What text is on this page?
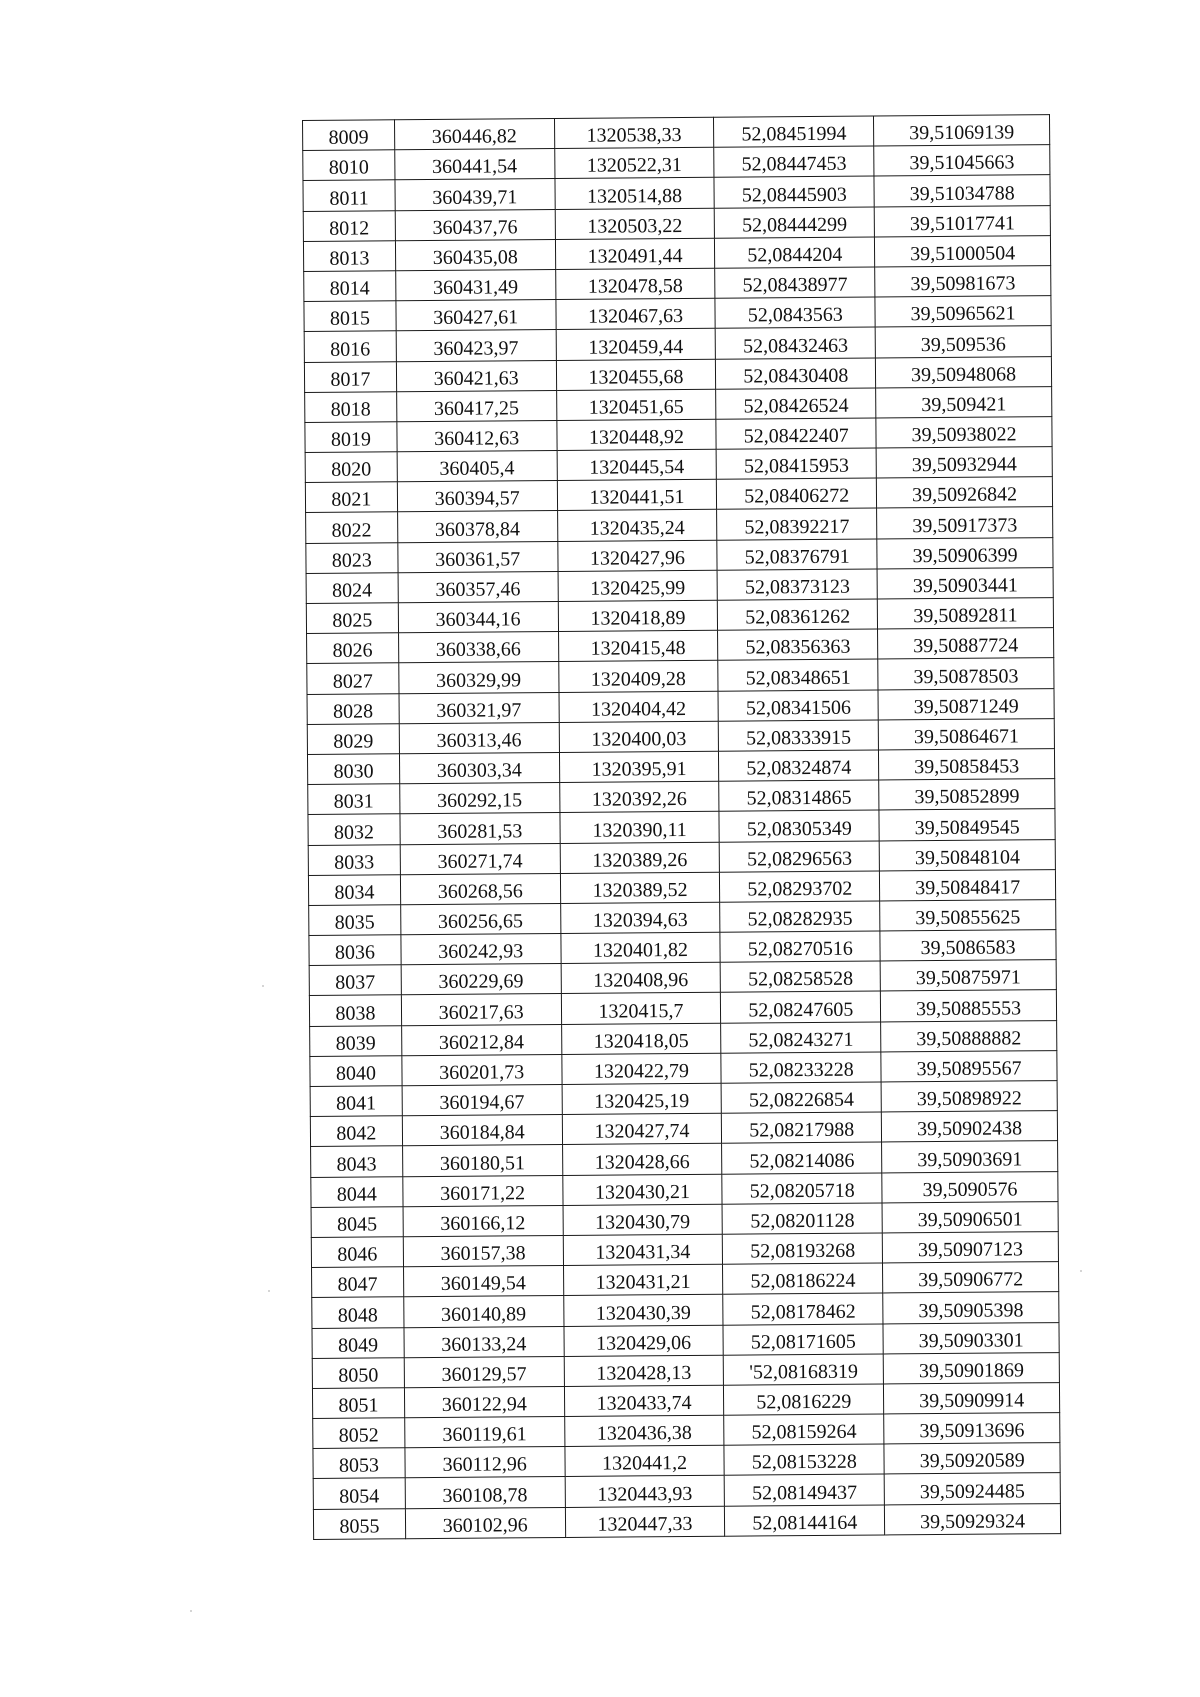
8009	360446,82	1320538,33	52,08451994	39,51069139
8010	360441,54	1320522,31	52,08447453	39,51045663
8011	360439,71	1320514,88	52,08445903	39,51034788
8012	360437,76	1320503,22	52,08444299	39,51017741
8013	360435,08	1320491,44	52,0844204	39,51000504
8014	360431,49	1320478,58	52,08438977	39,50981673
8015	360427,61	1320467,63	52,0843563	39,50965621
8016	360423,97	1320459,44	52,08432463	39,509536
8017	360421,63	1320455,68	52,08430408	39,50948068
8018	360417,25	1320451,65	52,08426524	39,509421
8019	360412,63	1320448,92	52,08422407	39,50938022
8020	360405,4	1320445,54	52,08415953	39,50932944
8021	360394,57	1320441,51	52,08406272	39,50926842
8022	360378,84	1320435,24	52,08392217	39,50917373
8023	360361,57	1320427,96	52,08376791	39,50906399
8024	360357,46	1320425,99	52,08373123	39,50903441
8025	360344,16	1320418,89	52,08361262	39,50892811
8026	360338,66	1320415,48	52,08356363	39,50887724
8027	360329,99	1320409,28	52,08348651	39,50878503
8028	360321,97	1320404,42	52,08341506	39,50871249
8029	360313,46	1320400,03	52,08333915	39,50864671
8030	360303,34	1320395,91	52,08324874	39,50858453
8031	360292,15	1320392,26	52,08314865	39,50852899
8032	360281,53	1320390,11	52,08305349	39,50849545
8033	360271,74	1320389,26	52,08296563	39,50848104
8034	360268,56	1320389,52	52,08293702	39,50848417
8035	360256,65	1320394,63	52,08282935	39,50855625
8036	360242,93	1320401,82	52,08270516	39,5086583
8037	360229,69	1320408,96	52,08258528	39,50875971
8038	360217,63	1320415,7	52,08247605	39,50885553
8039	360212,84	1320418,05	52,08243271	39,50888882
8040	360201,73	1320422,79	52,08233228	39,50895567
8041	360194,67	1320425,19	52,08226854	39,50898922
8042	360184,84	1320427,74	52,08217988	39,50902438
8043	360180,51	1320428,66	52,08214086	39,50903691
8044	360171,22	1320430,21	52,08205718	39,5090576
8045	360166,12	1320430,79	52,08201128	39,50906501
8046	360157,38	1320431,34	52,08193268	39,50907123
8047	360149,54	1320431,21	52,08186224	39,50906772
8048	360140,89	1320430,39	52,08178462	39,50905398
8049	360133,24	1320429,06	52,08171605	39,50903301
8050	360129,57	1320428,13	'52,08168319	39,50901869
8051	360122,94	1320433,74	52,0816229	39,50909914
8052	360119,61	1320436,38	52,08159264	39,50913696
8053	360112,96	1320441,2	52,08153228	39,50920589
8054	360108,78	1320443,93	52,08149437	39,50924485
8055	360102,96	1320447,33	52,08144164	39,50929324
